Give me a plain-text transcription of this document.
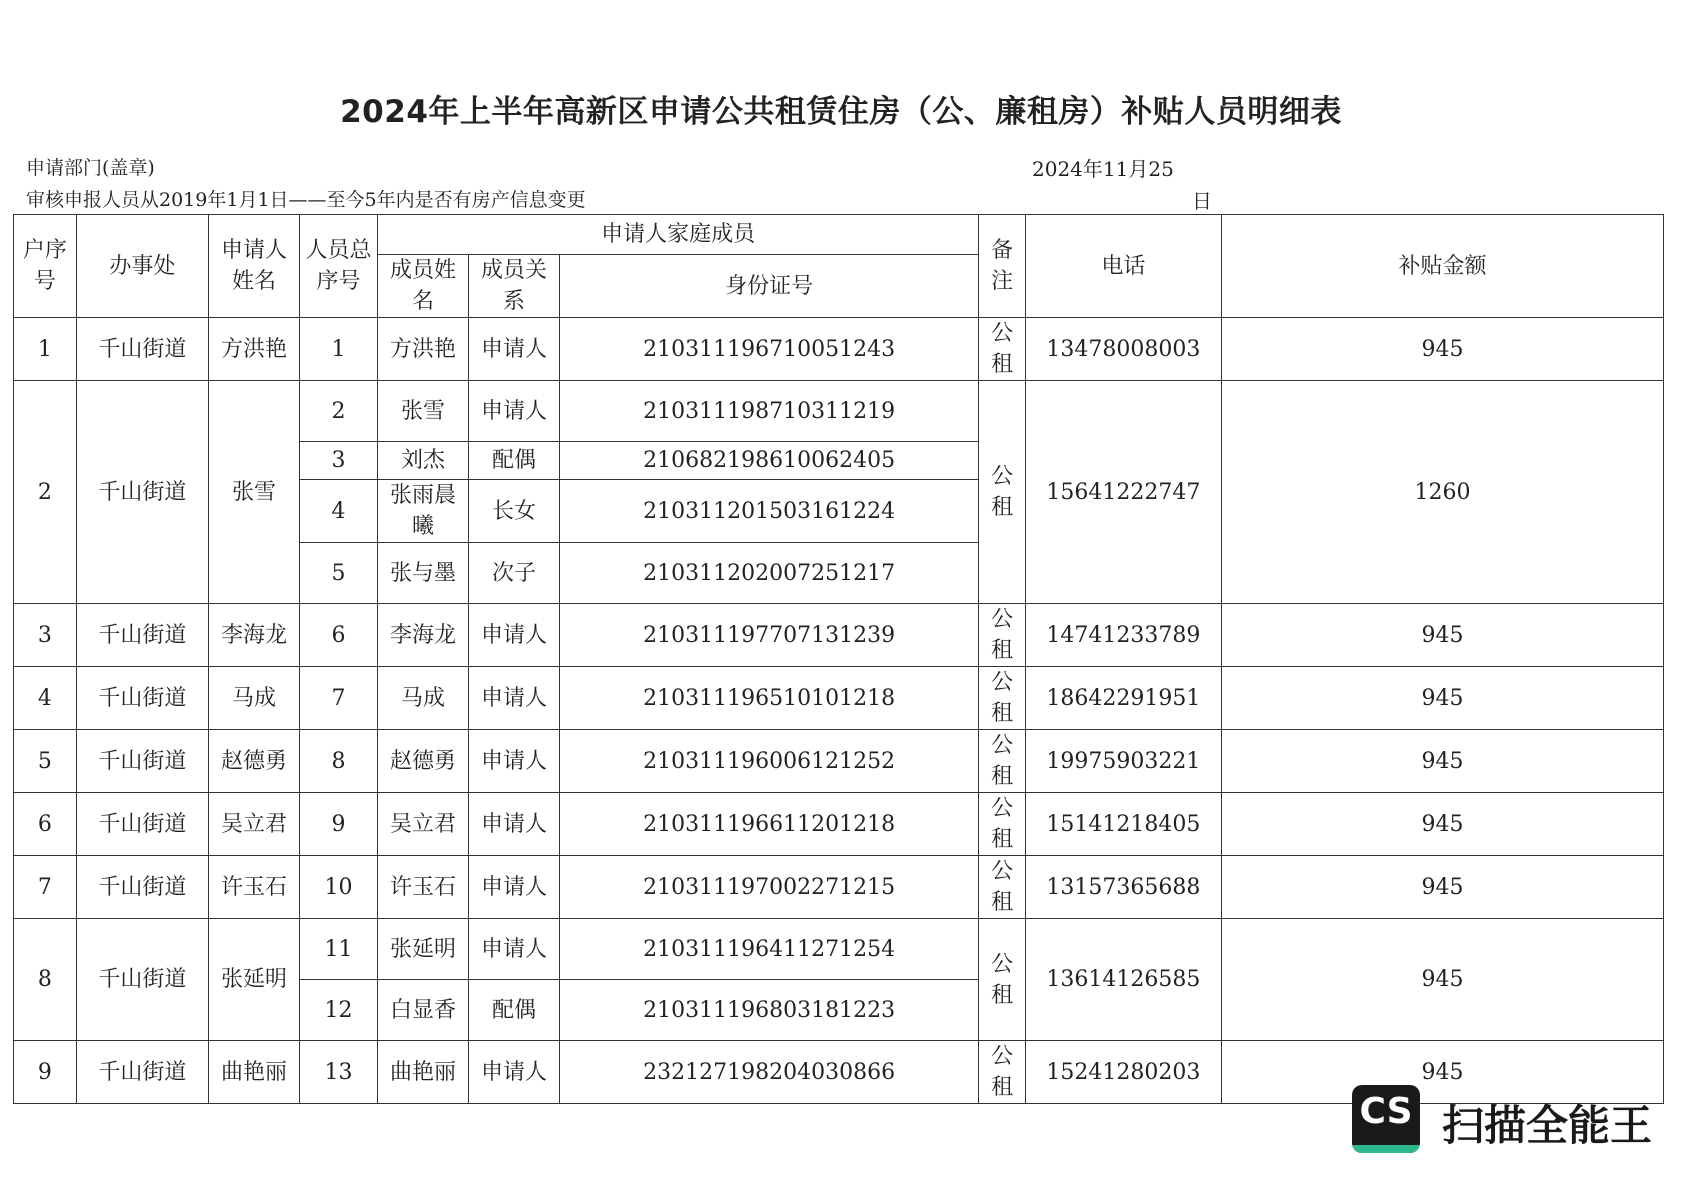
2024年上半年高新区申请公共租赁住房（公、廉租房）补贴人员明细表
申请部门(盖章)
审核申报人员从2019年1月1日——至今5年内是否有房产信息变更
2024年11月25
日
户序号	办事处	申请人姓名	人员总序号	申请人家庭成员			备注	电话	补贴金额
				成员姓名	成员关系	身份证号			
1	千山街道	方洪艳	1	方洪艳	申请人	210311196710051243	公租	13478008003	945
2	千山街道	张雪	2	张雪	申请人	210311198710311219	公租	15641222747	1260
			3	刘杰	配偶	210682198610062405			
			4	张雨晨曦	长女	210311201503161224			
			5	张与墨	次子	210311202007251217			
3	千山街道	李海龙	6	李海龙	申请人	210311197707131239	公租	14741233789	945
4	千山街道	马成	7	马成	申请人	210311196510101218	公租	18642291951	945
5	千山街道	赵德勇	8	赵德勇	申请人	210311196006121252	公租	19975903221	945
6	千山街道	吴立君	9	吴立君	申请人	210311196611201218	公租	15141218405	945
7	千山街道	许玉石	10	许玉石	申请人	210311197002271215	公租	13157365688	945
8	千山街道	张延明	11	张延明	申请人	210311196411271254	公租	13614126585	945
			12	白显香	配偶	210311196803181223			
9	千山街道	曲艳丽	13	曲艳丽	申请人	232127198204030866	公租	15241280203	945
CS 扫描全能王
